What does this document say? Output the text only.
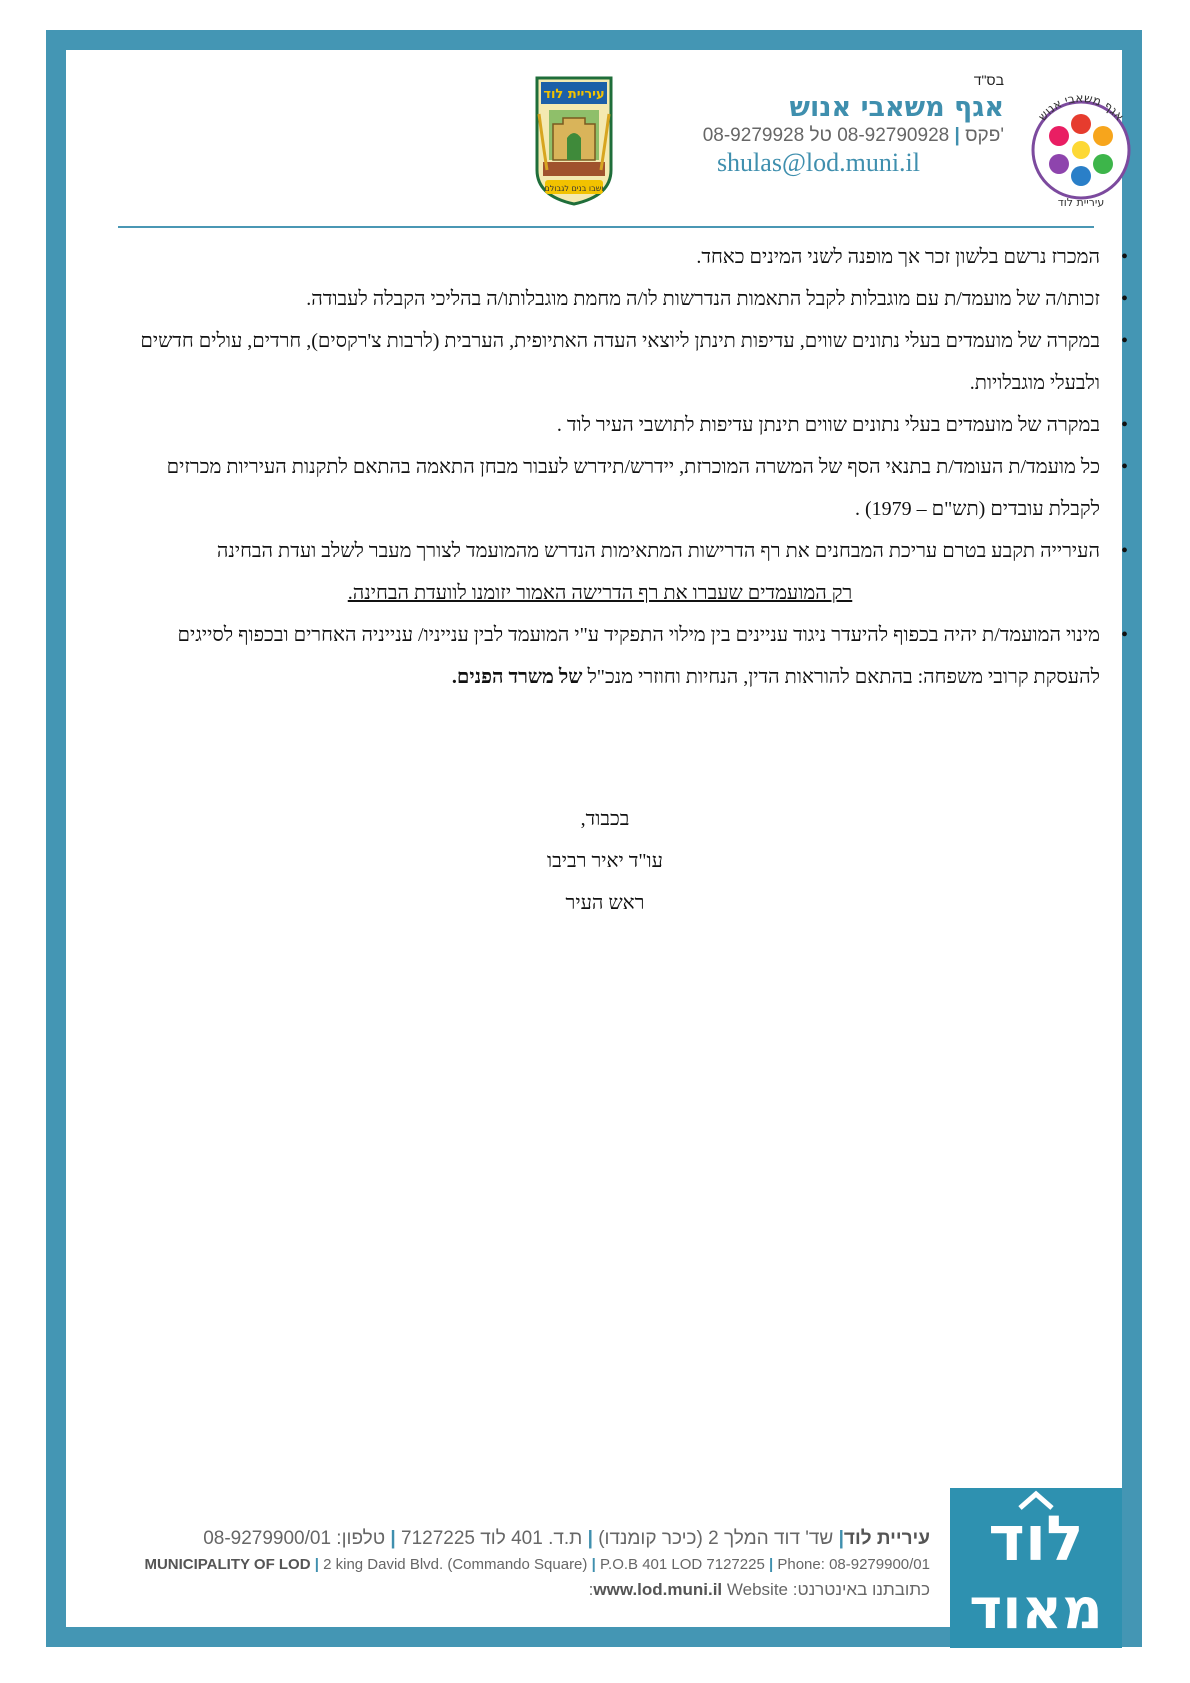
בס"ד
אגף משאבי אנוש
08-9279928	פקס | 08-92790928 טל'
shulas@lod.muni.il
אגף משאבי אנוש
עיריית לוד
עיריית לוד
ושבו בנים לגבולם
• המכרז נרשם בלשון זכר אך מופנה לשני המינים כאחד.
• זכותו/ה של מועמד/ת עם מוגבלות לקבל התאמות הנדרשות לו/ה מחמת מוגבלותו/ה בהליכי הקבלה לעבודה.
• במקרה של מועמדים בעלי נתונים שווים, עדיפות תינתן ליוצאי העדה האתיופית, הערבית (לרבות צ'רקסים), חרדים, עולים חדשים ולבעלי מוגבלויות.
• במקרה של מועמדים בעלי נתונים שווים תינתן עדיפות לתושבי העיר לוד .
• כל מועמד/ת העומד/ת בתנאי הסף של המשרה המוכרזת, יידרש/תידרש לעבור מבחן התאמה בהתאם לתקנות העיריות מכרזים לקבלת עובדים (תש"ם – 1979) .
• העירייה תקבע בטרם עריכת המבחנים את רף הדרישות המתאימות הנדרש מהמועמד לצורך מעבר לשלב ועדת הבחינה
רק המועמדים שעברו את רף הדרישה האמור יזומנו לוועדת הבחינה.
• מינוי המועמד/ת יהיה בכפוף להיעדר ניגוד עניינים בין מילוי התפקיד ע"י המועמד לבין ענייניו/ ענייניה האחרים ובכפוף לסייגים להעסקת קרובי משפחה: בהתאם להוראות הדין, הנחיות וחוזרי מנכ"ל של משרד הפנים.
בכבוד,
עו"ד יאיר רביבו
ראש העיר
עיריית לוד| שד' דוד המלך 2 (כיכר קומנדו) | ת.ד. 401 לוד 7127225 | טלפון: 08-9279900/01
MUNICIPALITY OF LOD | 2 king David Blvd. (Commando Square) | P.O.B 401 LOD 7127225 | Phone: 08-9279900/01
כתובתנו באינטרנט: www.lod.muni.il Website:
לוד
מאוד
